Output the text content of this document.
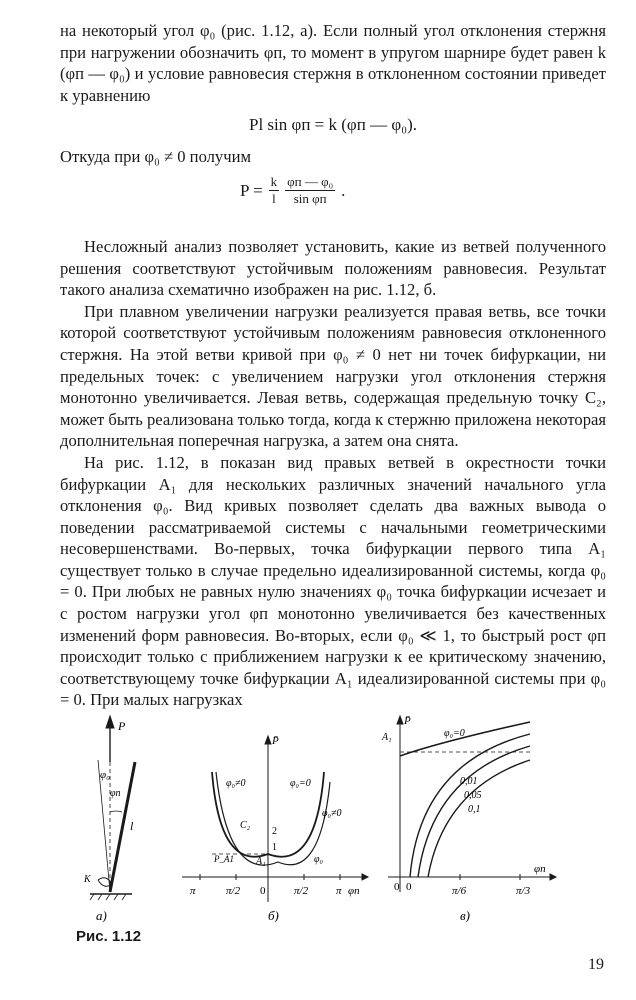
на некоторый угол φ₀ (рис. 1.12, а). Если полный угол отклонения стержня при нагружении обозначить φп, то момент в упругом шарнире будет равен k (φп — φ₀) и условие равновесия стержня в отклоненном состоянии приведет к уравнению

Pl sin φп = k (φп — φ₀).

Откуда при φ₀ ≠ 0 получим

$P = \frac{k}{l} \frac{\text{φп — φ₀}}{\text{sin φп}}$ .

Несложный анализ позволяет установить, какие из ветвей полученного решения соответствуют устойчивым положениям равновесия. Результат такого анализа схематично изображен на рис. 1.12, б.

При плавном увеличении нагрузки реализуется правая ветвь, все точки которой соответствуют устойчивым положениям равновесия отклоненного стержня. На этой ветви кривой при φ₀ ≠ 0 нет ни точек бифуркации, ни предельных точек: с увеличением нагрузки угол отклонения стержня монотонно увеличивается. Левая ветвь, содержащая предельную точку C₂, может быть реализована только тогда, когда к стержню приложена некоторая дополнительная поперечная нагрузка, а затем она снята.

На рис. 1.12, в показан вид правых ветвей в окрестности точки бифуркации A₁ для нескольких различных значений начального угла отклонения φ₀. Вид кривых позволяет сделать два важных вывода о поведении рассматриваемой системы с начальными геометрическими несовершенствами. Во-первых, точка бифуркации первого типа A₁ существует только в случае предельно идеализированной системы, когда φ₀ = 0. При любых не равных нулю значениях φ₀ точка бифуркации исчезает и с ростом нагрузки угол φп монотонно увеличивается без качественных изменений форм равновесия. Во-вторых, если φ₀ ≪ 1, то быстрый рост φп происходит только с приближением нагрузки к ее критическому значению, соответствующему точке бифуркации A₁ идеализированной системы при φ₀ = 0. При малых нагрузках

P
φ₀
φп
l
K
а)
P̄
φ₀≠0	φ₀=0
φ₀≠0
C₂
2
1
A₁
P_A1	φ₀
π	π/2 0	π/2	π φп
б)
P̄
A₁	φ₀=0
0,01
0,05
0,1
0 0	π/6	π/3
φп
в)
Рис. 1.12
19
